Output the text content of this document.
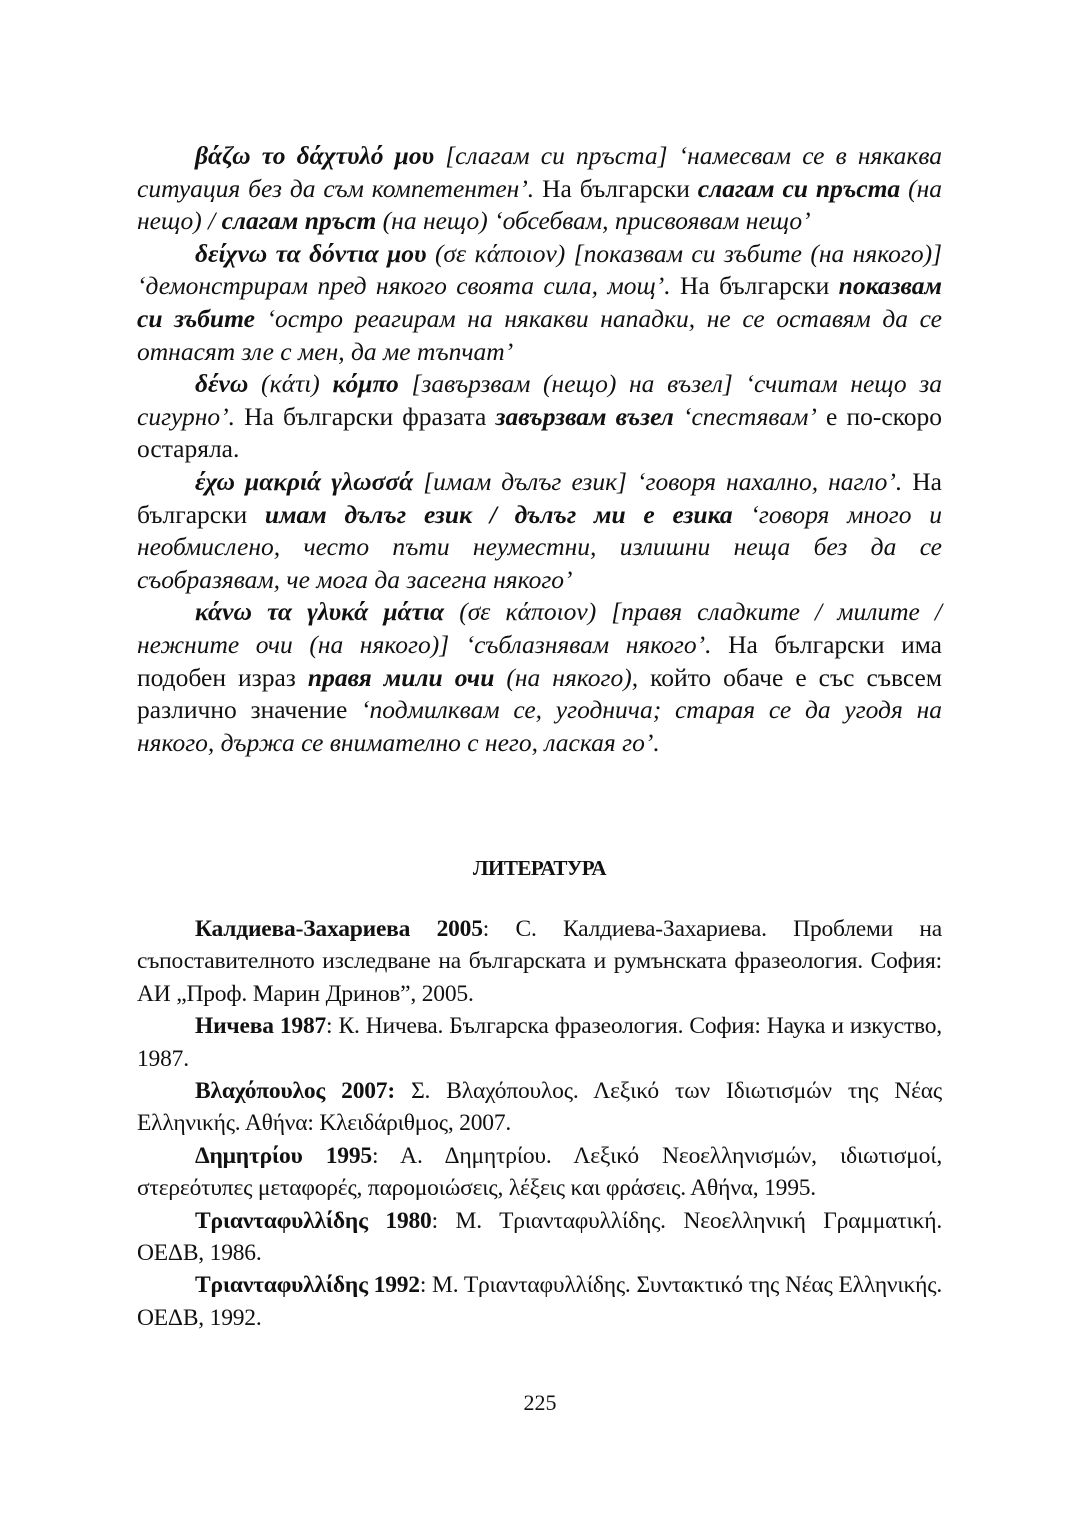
βάζω το δάχτυλό μου [слагам си пръста] ‘намесвам се в някаква ситуация без да съм компетентен’. На български слагам си пръста (на нещо) / слагам пръст (на нещо) ‘обсебвам, присвоявам нещо’

δείχνω τα δόντια μου (σε κάποιον) [показвам си зъбите (на някого)] ‘демонстрирам пред някого своята сила, мощ’. На български показвам си зъбите ‘остро реагирам на някакви нападки, не се оставям да се отнасят зле с мен, да ме тъпчат’

δένω (κάτι) κόμπο [завързвам (нещо) на възел] ‘считам нещо за сигурно’. На български фразата завързвам възел ‘спестявам’ е по-скоро остаряла.

έχω μακριά γλωσσά [имам дълъг език] ‘говоря нахално, нагло’. На български имам дълъг език / дълъг ми е езика ‘говоря много и необмислено, често пъти неуместни, излишни неща без да се съобразявам, че мога да засегна някого’

κάνω τα γλυκά μάτια (σε κάποιον) [правя сладките / милите / нежните очи (на някого)] ‘съблазнявам някого’. На български има подобен израз правя мили очи (на някого), който обаче е със съвсем различно значение ‘подмилквам се, угоднича; старая се да угодя на някого, държа се внимателно с него, лаская го’.

ЛИТЕРАТУРА

Калдиева-Захариева 2005: С. Калдиева-Захариева. Проблеми на съпоставителното изследване на българската и румънската фразеология. София: АИ „Проф. Марин Дринов”, 2005.

Ничева 1987: К. Ничева. Българска фразеология. София: Наука и изкуство, 1987.

Βλαχόπουλος 2007: Σ. Βλαχόπουλος. Λεξικό των Ιδιωτισμών της Νέας Ελληνικής. Αθήνα: Κλειδάριθμος, 2007.

Δημητρίου 1995: Α. Δημητρίου. Λεξικό Νεοελληνισμών, ιδιωτισμοί, στερεότυπες μεταφορές, παρομοιώσεις, λέξεις και φράσεις. Αθήνα, 1995.

Τριανταφυλλίδης 1980: Μ. Τριανταφυλλίδης. Νεοελληνική Γραμματική. ΟΕΔΒ, 1986.

Τριανταφυλλίδης 1992: Μ. Τριανταφυλλίδης. Συντακτικό της Νέας Ελληνικής. ΟΕΔΒ, 1992.

225
